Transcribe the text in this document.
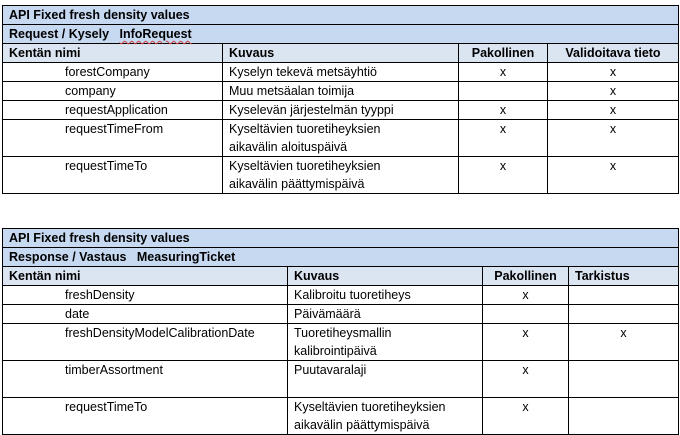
API Fixed fresh density values			
Request / Kysely InfoRequest			
Kentän nimi	Kuvaus	Pakollinen	Validoitava tieto
forestCompany	Kyselyn tekevä metsäyhtiö	x	x
company	Muu metsäalan toimija		x
requestApplication	Kyselevän järjestelmän tyyppi	x	x
requestTimeFrom	Kyseltävien tuoretiheyksien
aikavälin aloituspäivä	x	x
requestTimeTo	Kyseltävien tuoretiheyksien
aikavälin päättymispäivä	x	x
API Fixed fresh density values			
Response / Vastaus MeasuringTicket			
Kentän nimi	Kuvaus	Pakollinen	Tarkistus
freshDensity	Kalibroitu tuoretiheys	x	
date	Päivämäärä		

freshDensityModelCalibrationDate	Tuoretiheysmallin
kalibrointipäivä	x	x
timberAssortment	Puutavaralaji	x	
requestTimeTo	Kyseltävien tuoretiheyksien
aikavälin päättymispäivä	x	
